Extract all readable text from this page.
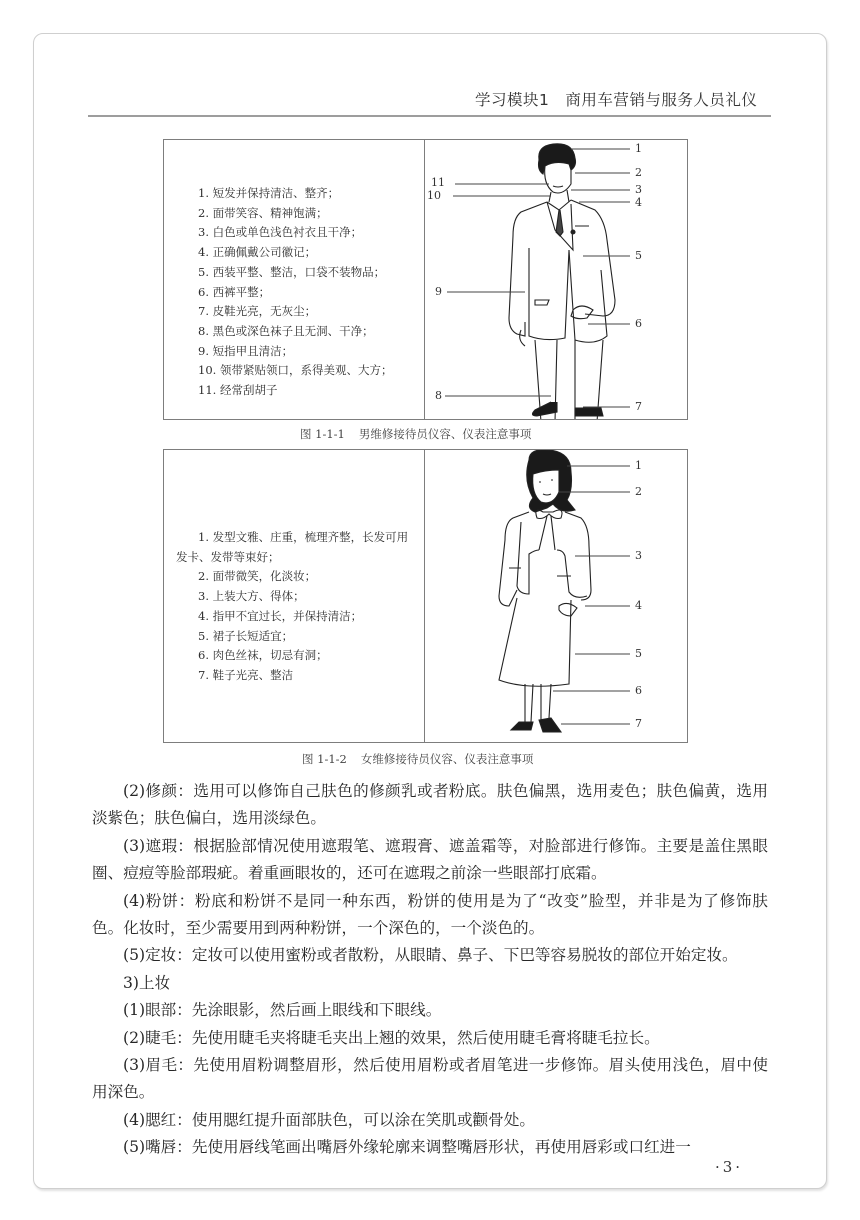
学习模块1 商用车营销与服务人员礼仪
1. 短发并保持清洁、整齐；
2. 面带笑容、精神饱满；
3. 白色或单色浅色衬衣且干净；
4. 正确佩戴公司徽记；
5. 西装平整、整洁，口袋不装物品；
6. 西裤平整；
7. 皮鞋光亮，无灰尘；
8. 黑色或深色袜子且无洞、干净；
9. 短指甲且清洁；
10. 领带紧贴领口，系得美观、大方；
11. 经常刮胡子
1
2
3
4
5
6
7
8
9
10
11
图 1-1-1 男维修接待员仪容、仪表注意事项
1. 发型文雅、庄重，梳理齐整，长发可用发卡、发带等束好；
2. 面带微笑，化淡妆；
3. 上装大方、得体；
4. 指甲不宜过长，并保持清洁；
5. 裙子长短适宜；
6. 肉色丝袜，切忌有洞；
7. 鞋子光亮、整洁
1
2
3
4
5
6
7
图 1-1-2 女维修接待员仪容、仪表注意事项

(2)修颜：选用可以修饰自己肤色的修颜乳或者粉底。肤色偏黑，选用麦色；肤色偏黄，选用淡紫色；肤色偏白，选用淡绿色。

(3)遮瑕：根据脸部情况使用遮瑕笔、遮瑕膏、遮盖霜等，对脸部进行修饰。主要是盖住黑眼圈、痘痘等脸部瑕疵。着重画眼妆的，还可在遮瑕之前涂一些眼部打底霜。

(4)粉饼：粉底和粉饼不是同一种东西，粉饼的使用是为了“改变”脸型，并非是为了修饰肤色。化妆时，至少需要用到两种粉饼，一个深色的，一个淡色的。

(5)定妆：定妆可以使用蜜粉或者散粉，从眼睛、鼻子、下巴等容易脱妆的部位开始定妆。

3)上妆

(1)眼部：先涂眼影，然后画上眼线和下眼线。

(2)睫毛：先使用睫毛夹将睫毛夹出上翘的效果，然后使用睫毛膏将睫毛拉长。

(3)眉毛：先使用眉粉调整眉形，然后使用眉粉或者眉笔进一步修饰。眉头使用浅色，眉中使用深色。

(4)腮红：使用腮红提升面部肤色，可以涂在笑肌或颧骨处。

(5)嘴唇：先使用唇线笔画出嘴唇外缘轮廓来调整嘴唇形状，再使用唇彩或口红进一

·3·
